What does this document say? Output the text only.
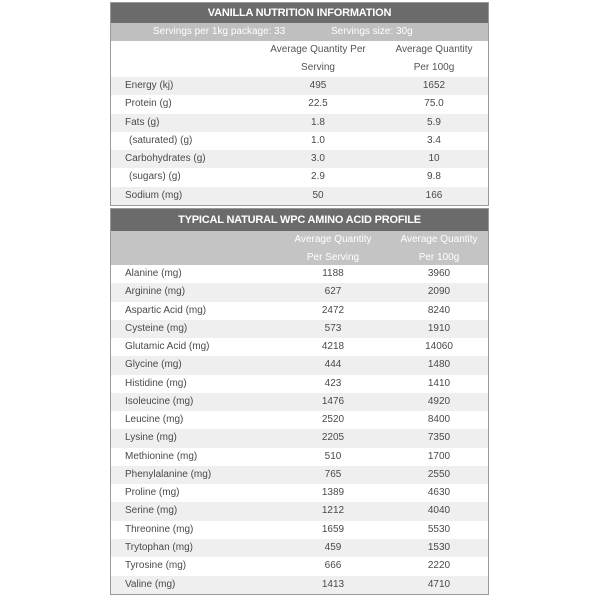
VANILLA NUTRITION INFORMATION
Servings per 1kg package: 33	Servings size: 30g
Average Quantity Per
Serving
Average Quantity
Per 100g
Energy (kj)	495	1652
Protein (g)	22.5	75.0
Fats (g)	1.8	5.9
(saturated) (g)	1.0	3.4
Carbohydrates (g)	3.0	10
(sugars) (g)	2.9	9.8
Sodium (mg)	50	166
TYPICAL NATURAL WPC AMINO ACID PROFILE
Average Quantity
Per Serving
Average Quantity
Per 100g
Alanine (mg)	1188	3960
Arginine (mg)	627	2090
Aspartic Acid (mg)	2472	8240
Cysteine (mg)	573	1910
Glutamic Acid (mg)	4218	14060
Glycine (mg)	444	1480
Histidine (mg)	423	1410
Isoleucine (mg)	1476	4920
Leucine (mg)	2520	8400
Lysine (mg)	2205	7350
Methionine (mg)	510	1700
Phenylalanine (mg)	765	2550
Proline (mg)	1389	4630
Serine (mg)	1212	4040
Threonine (mg)	1659	5530
Trytophan (mg)	459	1530
Tyrosine (mg)	666	2220
Valine (mg)	1413	4710
